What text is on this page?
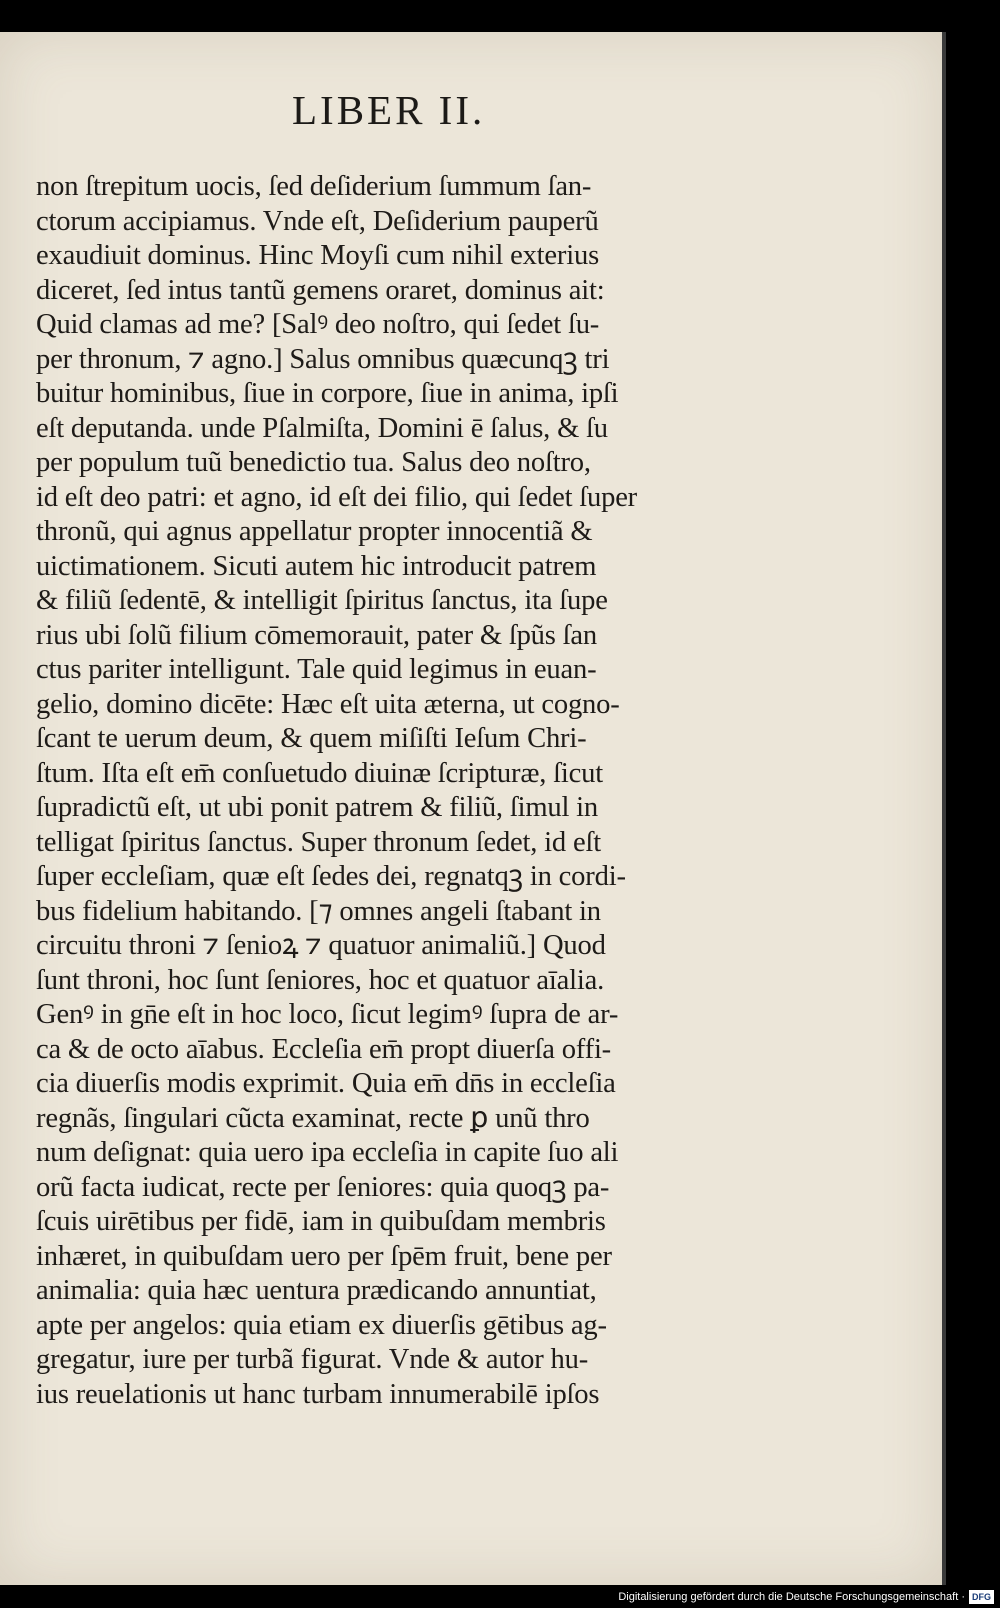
LIBER II.
non ſtrepitum uocis, ſed deſiderium ſummum ſan-
ctorum accipiamus. Vnde eſt, Deſiderium pauperũ
exaudiuit dominus. Hinc Moyſi cum nihil exterius
diceret, ſed intus tantũ gemens oraret, dominus ait:
Quid clamas ad me? [Salꝰ deo noſtro, qui ſedet ſu-
per thronum, ⁊ agno.] Salus omnibus quæcunqꝫ tri
buitur hominibus, ſiue in corpore, ſiue in anima, ipſi
eſt deputanda. unde Pſalmiſta, Domini ē ſalus, & ſu
per populum tuũ benedictio tua. Salus deo noſtro,
id eſt deo patri: et agno, id eſt dei filio, qui ſedet ſuper
thronũ, qui agnus appellatur propter innocentiã &
uictimationem. Sicuti autem hic introducit patrem
& filiũ ſedentē, & intelligit ſpiritus ſanctus, ita ſupe
rius ubi ſolũ filium cōmemorauit, pater & ſpũs ſan
ctus pariter intelligunt. Tale quid legimus in euan-
gelio, domino dicēte: Hæc eſt uita æterna, ut cogno-
ſcant te uerum deum, & quem miſiſti Ieſum Chri-
ſtum. Iſta eſt em̄ conſuetudo diuinæ ſcripturæ, ſicut
ſupradictũ eſt, ut ubi ponit patrem & filiũ, ſimul in
telligat ſpiritus ſanctus. Super thronum ſedet, id eſt
ſuper eccleſiam, quæ eſt ſedes dei, regnatqꝫ in cordi-
bus fidelium habitando. [⁊ omnes angeli ſtabant in
circuitu throni ⁊ ſenioꝝ ⁊ quatuor animaliũ.] Quod
ſunt throni, hoc ſunt ſeniores, hoc et quatuor aīalia.
Genꝰ in gn̄e eſt in hoc loco, ſicut legimꝰ ſupra de ar-
ca & de octo aīabus. Eccleſia em̄ propt diuerſa offi-
cia diuerſis modis exprimit. Quia em̄ dn̄s in eccleſia
regnãs, ſingulari cũcta examinat, recte ꝑ unũ thro
num deſignat: quia uero ipa eccleſia in capite ſuo ali
orũ facta iudicat, recte per ſeniores: quia quoqꝫ pa-
ſcuis uirētibus per fidē, iam in quibuſdam membris
inhæret, in quibuſdam uero per ſpēm fruit, bene per
animalia: quia hæc uentura prædicando annuntiat,
apte per angelos: quia etiam ex diuerſis gētibus ag-
gregatur, iure per turbã figurat. Vnde & autor hu-
ius reuelationis ut hanc turbam innumerabilē ipſos
Digitalisierung gefördert durch die Deutsche Forschungsgemeinschaft · DFG
